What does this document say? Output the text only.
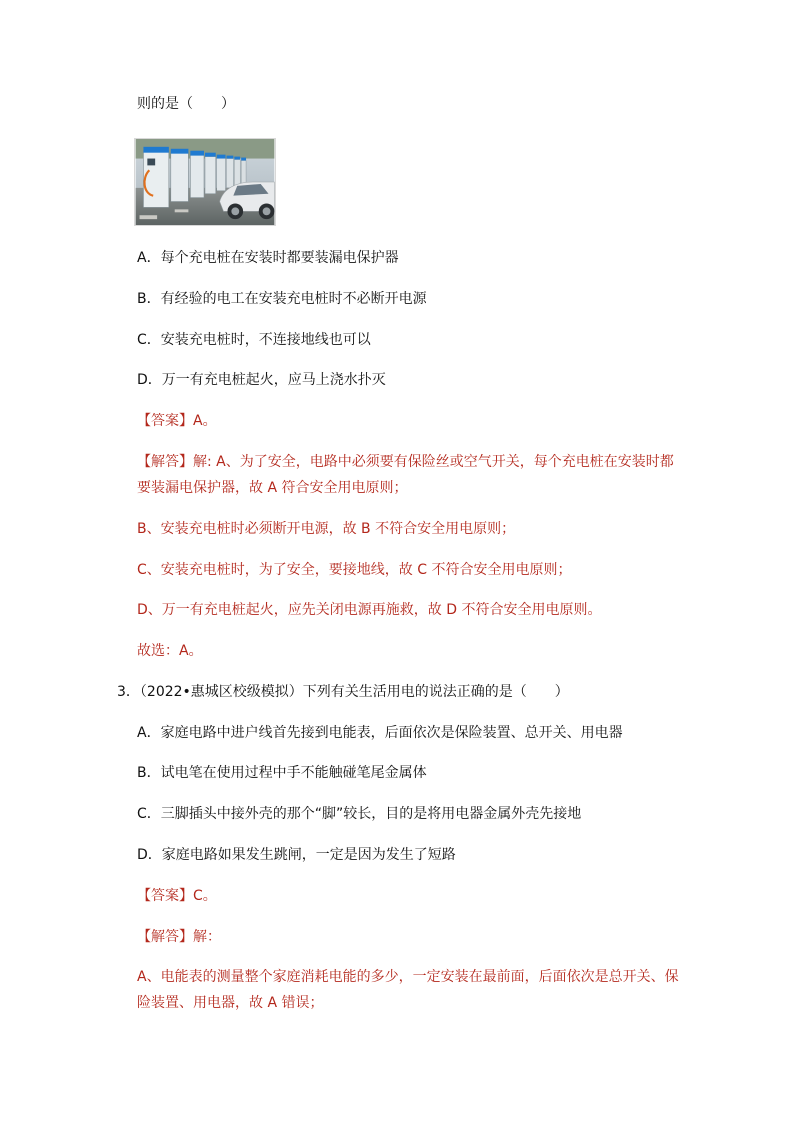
则的是（　　）
A．每个充电桩在安装时都要装漏电保护器
B．有经验的电工在安装充电桩时不必断开电源
C．安装充电桩时，不连接地线也可以
D．万一有充电桩起火，应马上浇水扑灭
【答案】A。
【解答】解: A、为了安全，电路中必须要有保险丝或空气开关，每个充电桩在安装时都
要装漏电保护器，故 A 符合安全用电原则；
B、安装充电桩时必须断开电源，故 B 不符合安全用电原则；
C、安装充电桩时，为了安全，要接地线，故 C 不符合安全用电原则；
D、万一有充电桩起火，应先关闭电源再施救，故 D 不符合安全用电原则。
故选：A。
3．（2022•惠城区校级模拟）下列有关生活用电的说法正确的是（　　）
A．家庭电路中进户线首先接到电能表，后面依次是保险装置、总开关、用电器
B．试电笔在使用过程中手不能触碰笔尾金属体
C．三脚插头中接外壳的那个“脚”较长，目的是将用电器金属外壳先接地
D．家庭电路如果发生跳闸，一定是因为发生了短路
【答案】C。
【解答】解：
A、电能表的测量整个家庭消耗电能的多少，一定安装在最前面，后面依次是总开关、保
险装置、用电器，故 A 错误；
